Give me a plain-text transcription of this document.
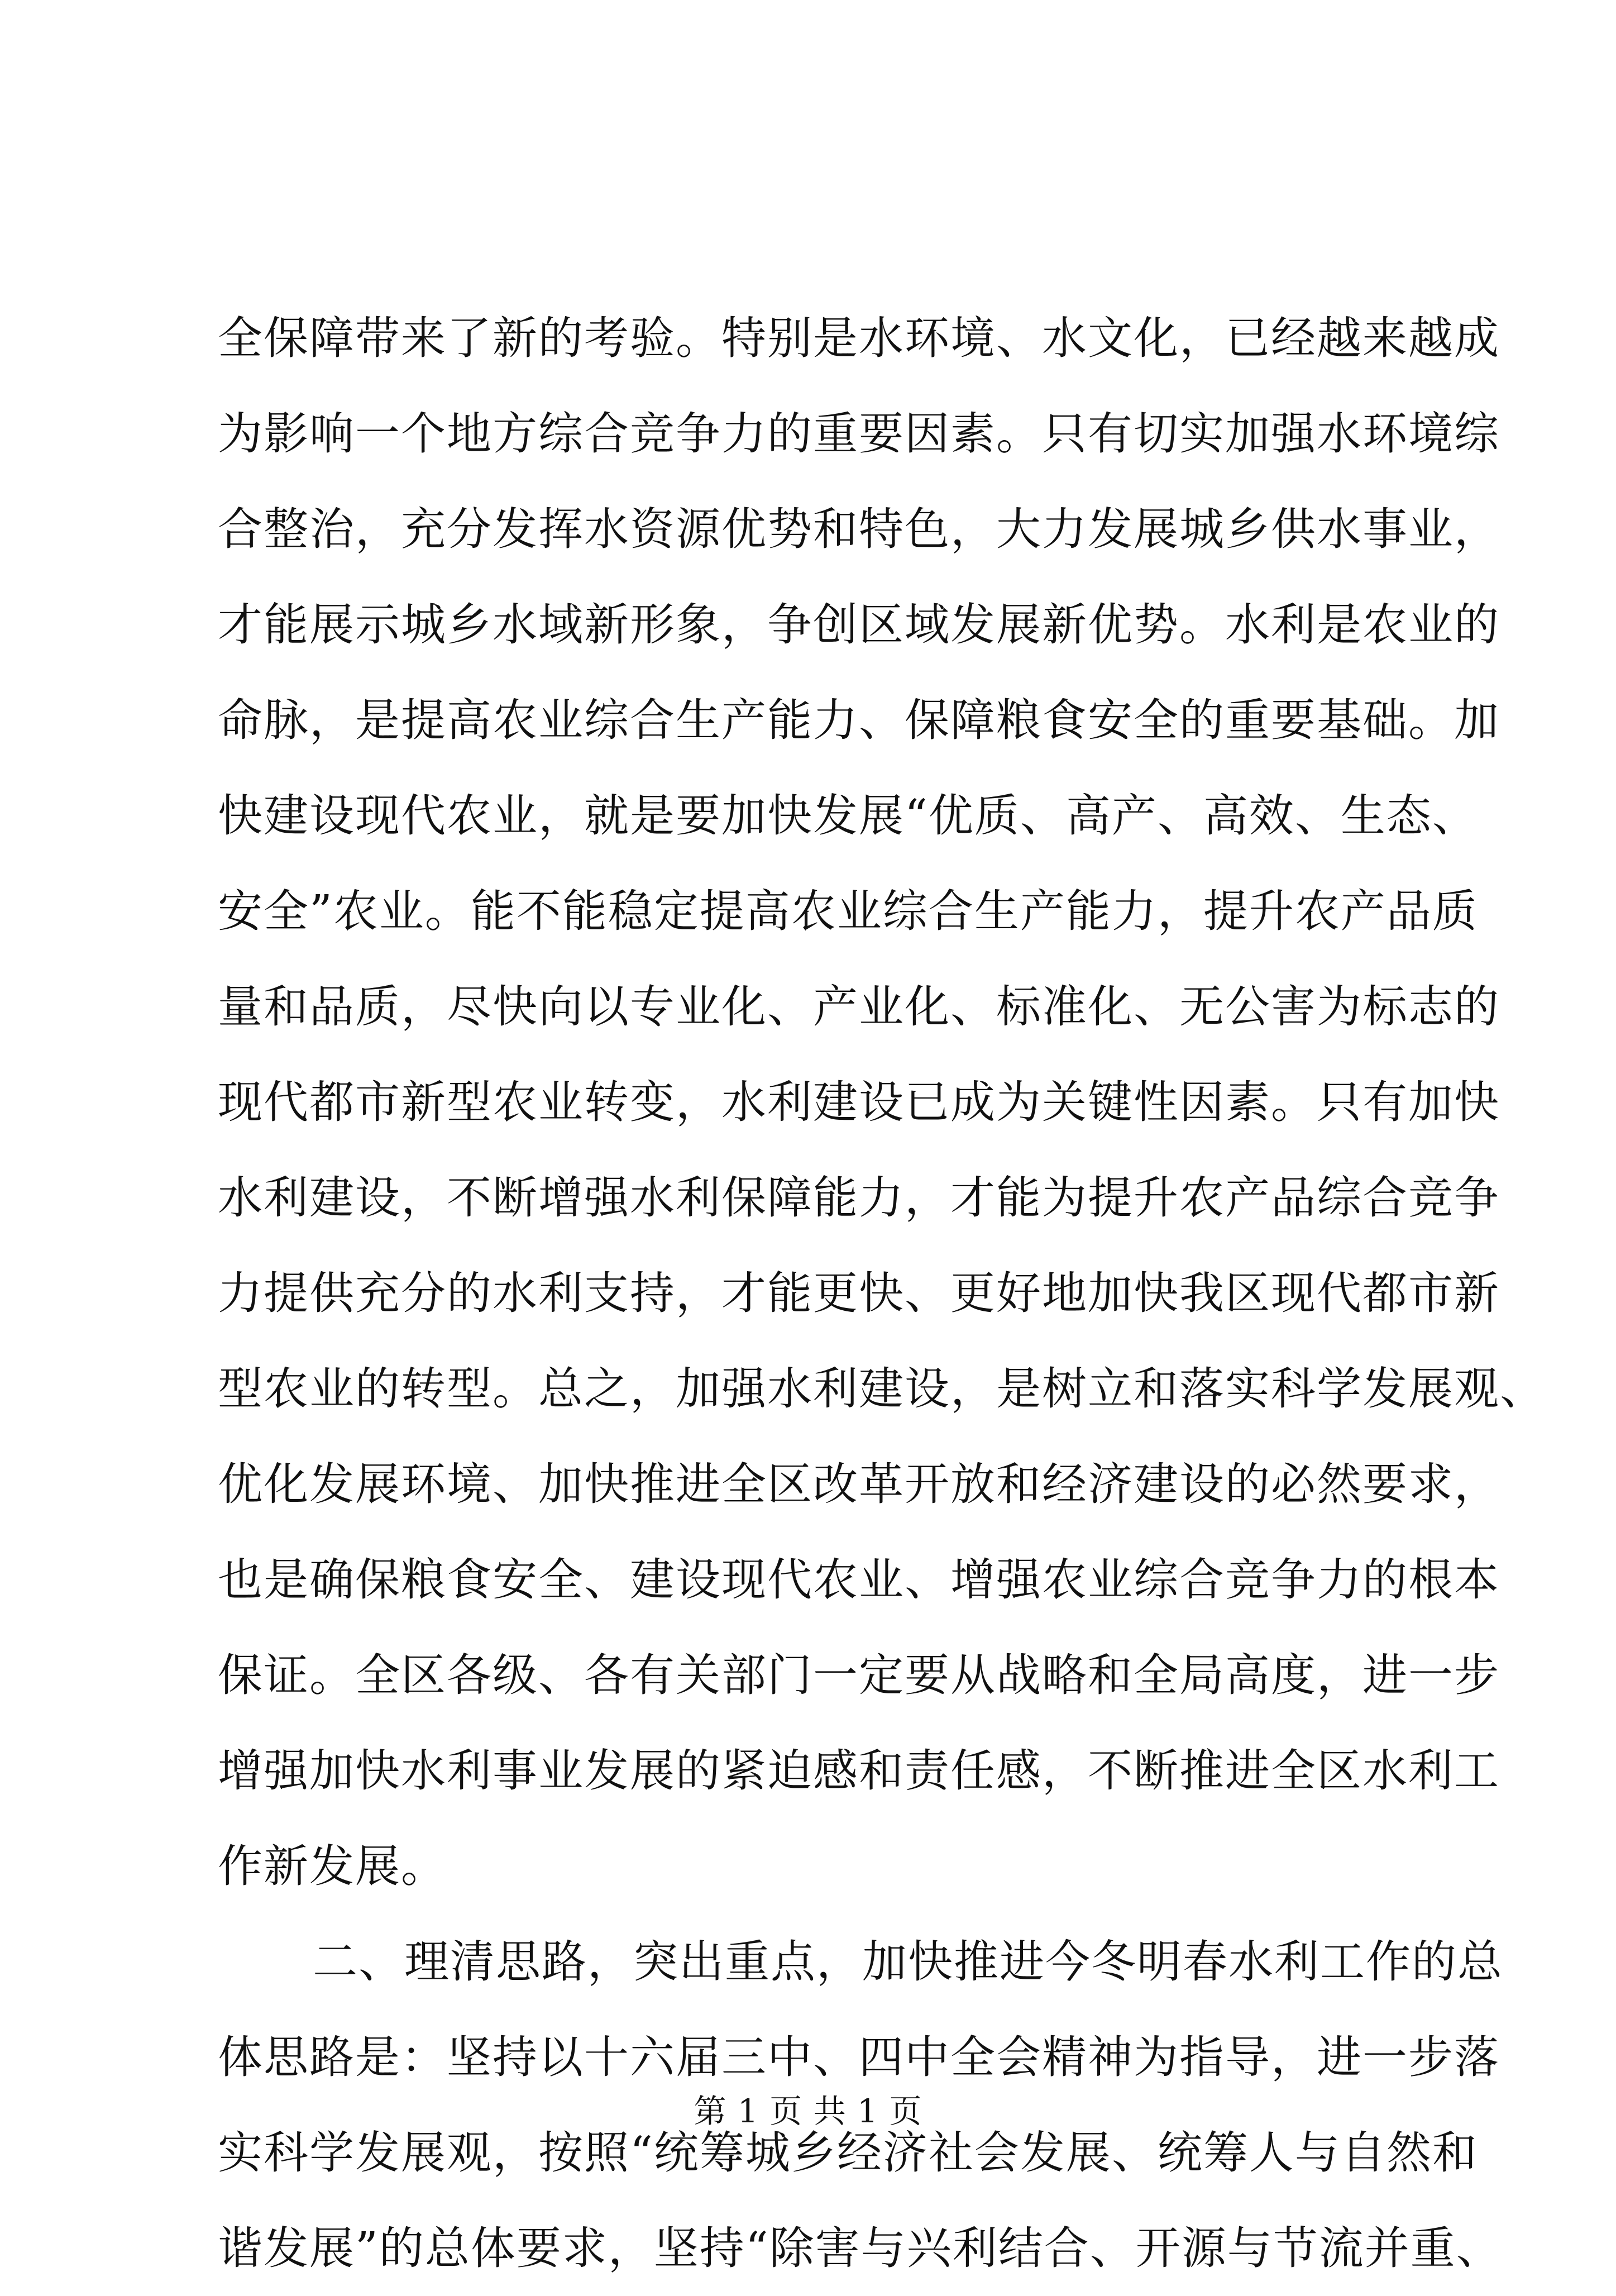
全保障带来了新的考验。特别是水环境、水文化，已经越来越成
为影响一个地方综合竞争力的重要因素。只有切实加强水环境综
合整治，充分发挥水资源优势和特色，大力发展城乡供水事业，
才能展示城乡水域新形象，争创区域发展新优势。水利是农业的
命脉，是提高农业综合生产能力、保障粮食安全的重要基础。加
快建设现代农业，就是要加快发展“优质、高产、高效、生态、
安全”农业。能不能稳定提高农业综合生产能力，提升农产品质
量和品质，尽快向以专业化、产业化、标准化、无公害为标志的
现代都市新型农业转变，水利建设已成为关键性因素。只有加快
水利建设，不断增强水利保障能力，才能为提升农产品综合竞争
力提供充分的水利支持，才能更快、更好地加快我区现代都市新
型农业的转型。总之，加强水利建设，是树立和落实科学发展观、
优化发展环境、加快推进全区改革开放和经济建设的必然要求，
也是确保粮食安全、建设现代农业、增强农业综合竞争力的根本
保证。全区各级、各有关部门一定要从战略和全局高度，进一步
增强加快水利事业发展的紧迫感和责任感，不断推进全区水利工
作新发展。
二、理清思路，突出重点，加快推进今冬明春水利工作的总
体思路是：坚持以十六届三中、四中全会精神为指导，进一步落
实科学发展观，按照“统筹城乡经济社会发展、统筹人与自然和
谐发展”的总体要求，坚持“除害与兴利结合、开源与节流并重、
第 1 页 共 1 页
